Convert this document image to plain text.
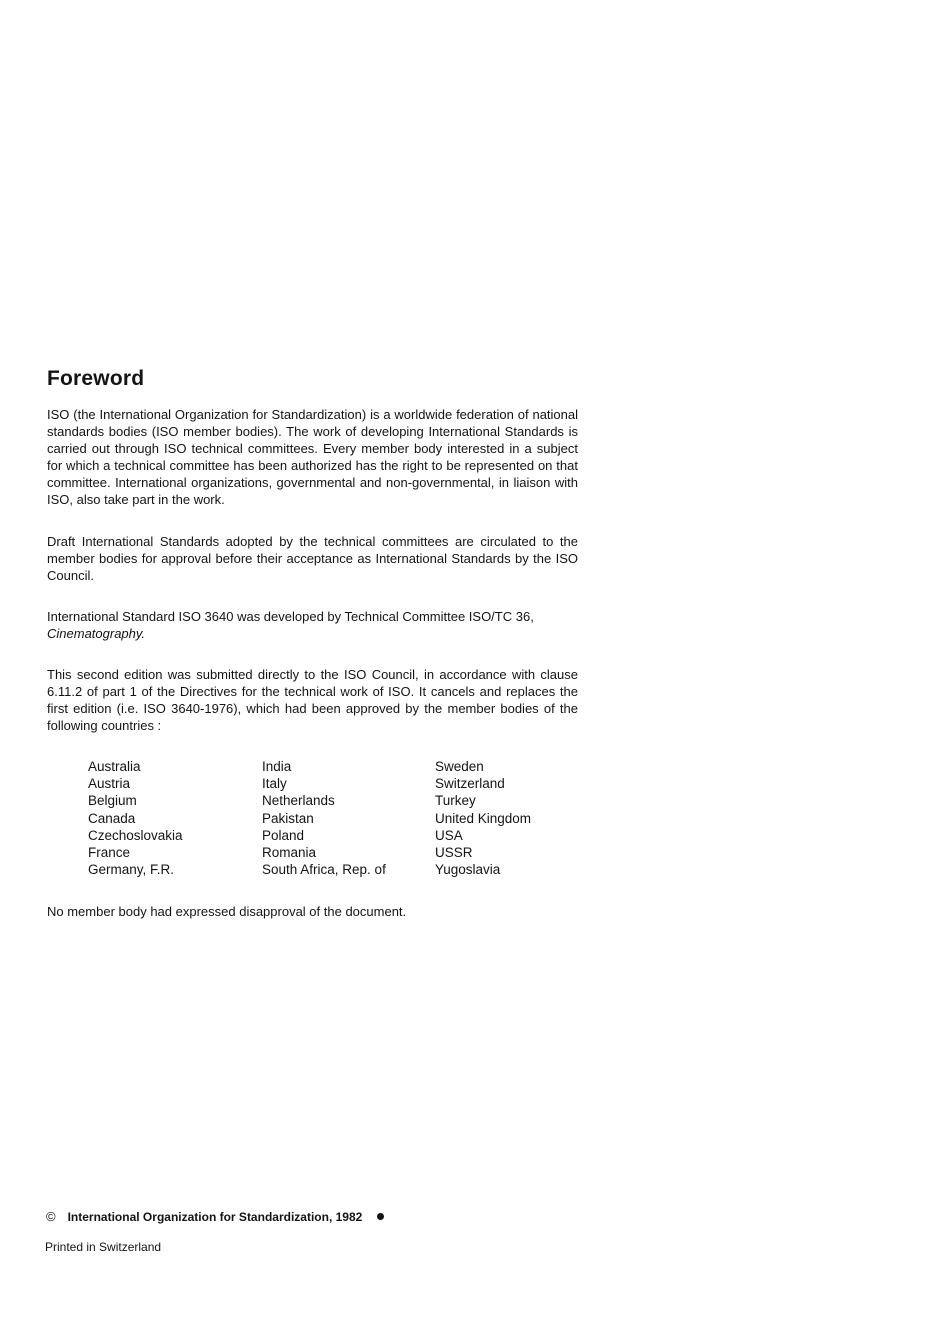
Foreword

ISO (the International Organization for Standardization) is a worldwide federation of national standards bodies (ISO member bodies). The work of developing International Standards is carried out through ISO technical committees. Every member body interested in a subject for which a technical committee has been authorized has the right to be represented on that committee. International organizations, governmental and non-governmental, in liaison with ISO, also take part in the work.

Draft International Standards adopted by the technical committees are circulated to the member bodies for approval before their acceptance as International Standards by the ISO Council.

International Standard ISO 3640 was developed by Technical Committee ISO/TC 36,
Cinematography.

This second edition was submitted directly to the ISO Council, in accordance with clause 6.11.2 of part 1 of the Directives for the technical work of ISO. It cancels and replaces the first edition (i.e. ISO 3640-1976), which had been approved by the member bodies of the following countries :

Australia
Austria
Belgium
Canada
Czechoslovakia
France
Germany, F.R.
India
Italy
Netherlands
Pakistan
Poland
Romania
South Africa, Rep. of
Sweden
Switzerland
Turkey
United Kingdom
USA
USSR
Yugoslavia

No member body had expressed disapproval of the document.

© International Organization for Standardization, 1982
Printed in Switzerland
